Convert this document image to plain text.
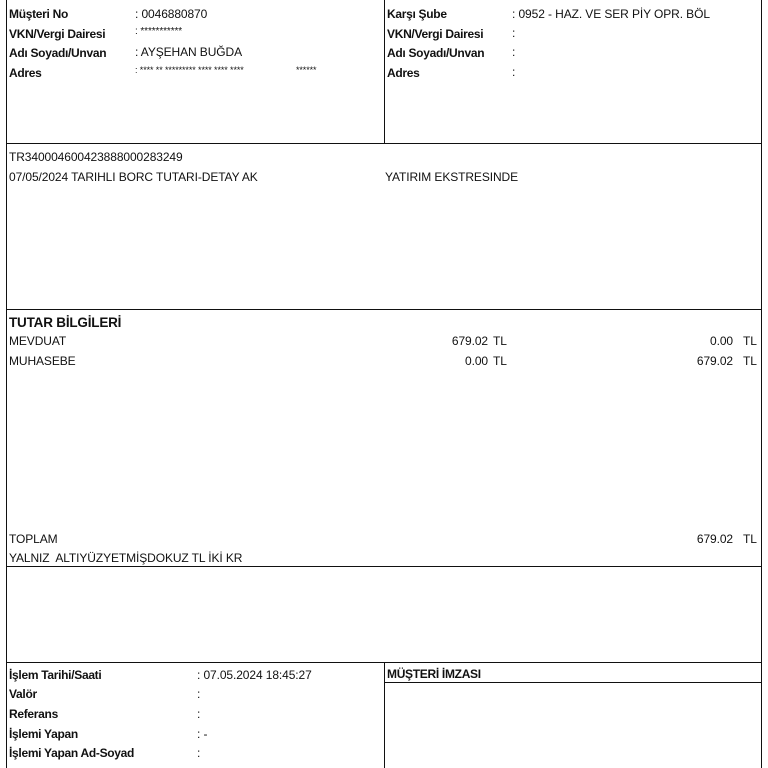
Müşteri No	: 0046880870
VKN/Vergi Dairesi	: ***********
Adı Soyadı/Unvan : AYŞEHAN BUĞDA
Adres	: **** ** ********* **** **** ****	******
Karşı Şube	: 0952 - HAZ. VE SER PİY OPR. BÖL
VKN/Vergi Dairesi :
Adı Soyadı/Unvan :
Adres	:
TR340004600423888000283249
07/05/2024 TARIHLI BORC TUTARI-DETAY AK	YATIRIM EKSTRESINDE
TUTAR BİLGİLERİ
MEVDUAT	679.02 TL	0.00 TL
MUHASEBE	0.00 TL	679.02 TL
TOPLAM	679.02 TL
YALNIZ  ALTIYÜZYETMİŞDOKUZ TL İKİ KR
İşlem Tarihi/Saati	: 07.05.2024 18:45:27
Valör	:
Referans	:
İşlemi Yapan	: -
İşlemi Yapan Ad-Soyad	:
MÜŞTERİ İMZASI
